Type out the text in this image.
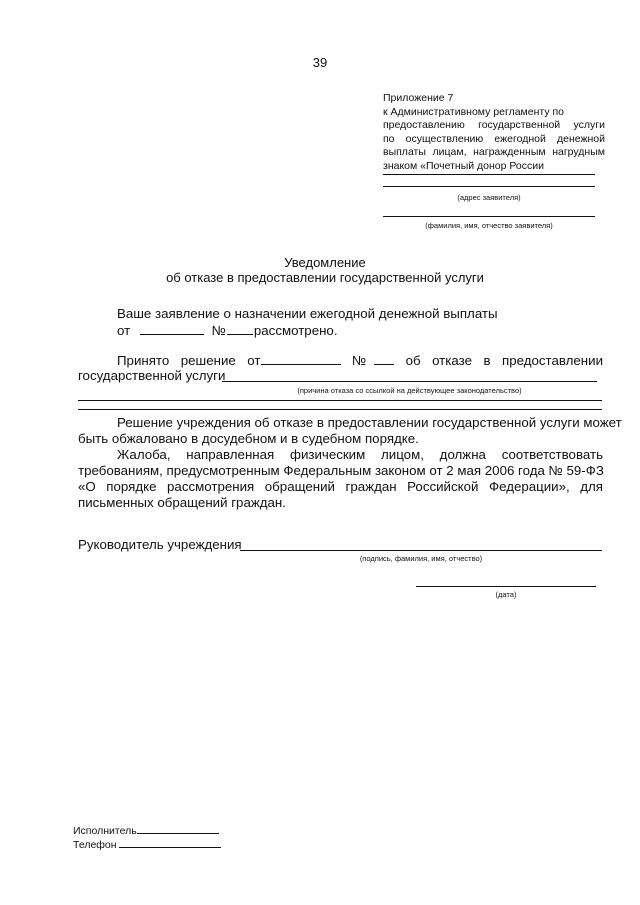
39
Приложение 7
к Административному регламенту по
предоставлению государственной услуги
по осуществлению ежегодной денежной
выплаты лицам, награжденным нагрудным
знаком «Почетный донор России
(адрес заявителя)
(фамилия, имя, отчество заявителя)
Уведомление
об отказе в предоставлении государственной услуги
Ваше заявление о назначении ежегодной денежной выплаты
от	№ рассмотрено.
Принято решение от	№ об отказе в предоставлении
государственной услуги
(причина отказа со ссылкой на действующее законодательство)
Решение учреждения об отказе в предоставлении государственной услуги может
быть обжаловано в досудебном и в судебном порядке.
Жалоба, направленная физическим лицом, должна соответствовать
требованиям, предусмотренным Федеральным законом от 2 мая 2006 года № 59-ФЗ
«О порядке рассмотрения обращений граждан Российской Федерации», для
письменных обращений граждан.
Руководитель учреждения
(подпись, фамилия, имя, отчество)
(дата)
Исполнитель
Телефон
